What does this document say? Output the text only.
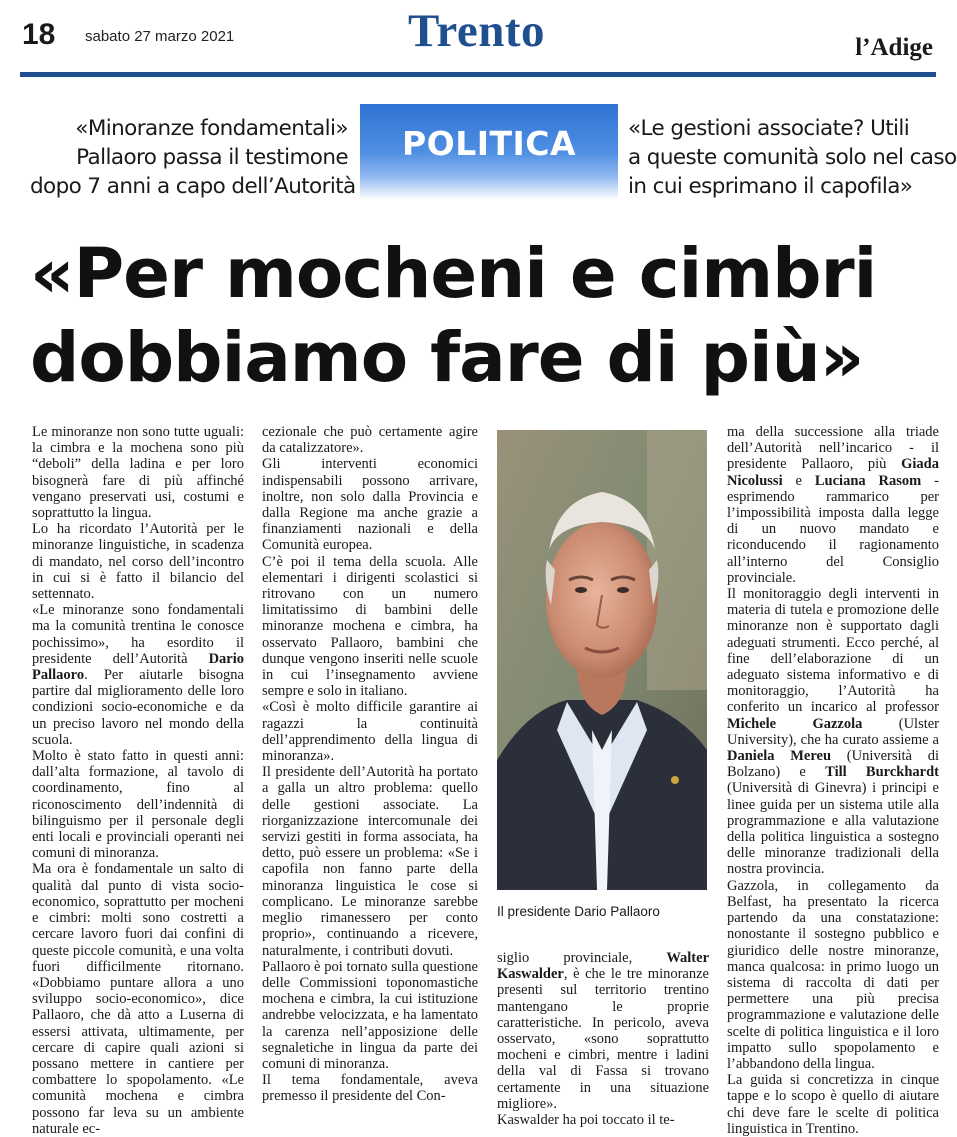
18 sabato 27 marzo 2021	Trento	l’Adige
«Minoranze fondamentali»
Pallaoro passa il testimone
dopo 7 anni a capo dell’Autorità
POLITICA	«Le gestioni associate? Utili
a queste comunità solo nel caso
in cui esprimano il capofila»
«Per mocheni e cimbri
dobbiamo fare di più»

Le minoranze non sono tutte uguali: la cimbra e la mochena sono più “deboli” della ladina e per loro bisognerà fare di più affinché vengano preservati usi, costumi e soprattutto la lingua.

Lo ha ricordato l’Autorità per le minoranze linguistiche, in scadenza di mandato, nel corso dell’incontro in cui si è fatto il bilancio del settennato.

«Le minoranze sono fondamentali ma la comunità trentina le conosce pochissimo», ha esordito il presidente dell’Autorità Dario Pallaoro. Per aiutarle bisogna partire dal miglioramento delle loro condizioni socio-economiche e da un preciso lavoro nel mondo della scuola.

Molto è stato fatto in questi anni: dall’alta formazione, al tavolo di coordinamento, fino al riconoscimento dell’indennità di bilinguismo per il personale degli enti locali e provinciali operanti nei comuni di minoranza.

Ma ora è fondamentale un salto di qualità dal punto di vista socio-economico, soprattutto per mocheni e cimbri: molti sono costretti a cercare lavoro fuori dai confini di queste piccole comunità, e una volta fuori difficilmente ritornano. «Dobbiamo puntare allora a uno sviluppo socio-economico», dice Pallaoro, che dà atto a Luserna di essersi attivata, ultimamente, per cercare di capire quali azioni si possano mettere in cantiere per combattere lo spopolamento. «Le comunità mochena e cimbra possono far leva su un ambiente naturale ec-

cezionale che può certamente agire da catalizzatore».

Gli interventi economici indispensabili possono arrivare, inoltre, non solo dalla Provincia e dalla Regione ma anche grazie a finanziamenti nazionali e della Comunità europea.

C’è poi il tema della scuola. Alle elementari i dirigenti scolastici si ritrovano con un numero limitatissimo di bambini delle minoranze mochena e cimbra, ha osservato Pallaoro, bambini che dunque vengono inseriti nelle scuole in cui l’insegnamento avviene sempre e solo in italiano.

«Così è molto difficile garantire ai ragazzi la continuità dell’apprendimento della lingua di minoranza».

Il presidente dell’Autorità ha portato a galla un altro problema: quello delle gestioni associate. La riorganizzazione intercomunale dei servizi gestiti in forma associata, ha detto, può essere un problema: «Se i capofila non fanno parte della minoranza linguistica le cose si complicano. Le minoranze sarebbe meglio rimanessero per conto proprio», continuando a ricevere, naturalmente, i contributi dovuti.

Pallaoro è poi tornato sulla questione delle Commissioni toponomastiche mochena e cimbra, la cui istituzione andrebbe velocizzata, e ha lamentato la carenza nell’apposizione delle segnaletiche in lingua da parte dei comuni di minoranza.

Il tema fondamentale, aveva premesso il presidente del Con-

Il presidente Dario Pallaoro

siglio provinciale, Walter Kaswalder, è che le tre minoranze presenti sul territorio trentino mantengano le proprie caratteristiche. In pericolo, aveva osservato, «sono soprattutto mocheni e cimbri, mentre i ladini della val di Fassa si trovano certamente in una situazione migliore».

Kaswalder ha poi toccato il te-

ma della successione alla triade dell’Autorità nell’incarico - il presidente Pallaoro, più Giada Nicolussi e Luciana Rasom - esprimendo rammarico per l’impossibilità imposta dalla legge di un nuovo mandato e riconducendo il ragionamento all’interno del Consiglio provinciale.

Il monitoraggio degli interventi in materia di tutela e promozione delle minoranze non è supportato dagli adeguati strumenti. Ecco perché, al fine dell’elaborazione di un adeguato sistema informativo e di monitoraggio, l’Autorità ha conferito un incarico al professor Michele Gazzola	(Ulster University), che ha curato assieme a Daniela Mereu (Università di Bolzano) e Till Burckhardt (Università di Ginevra) i principi e linee guida per un sistema utile alla programmazione e alla valutazione della politica linguistica a sostegno delle minoranze tradizionali della nostra provincia.

Gazzola, in collegamento da Belfast, ha presentato la ricerca partendo da una constatazione: nonostante il sostegno pubblico e giuridico delle nostre minoranze, manca qualcosa: in primo luogo un sistema di raccolta di dati per permettere una più precisa programmazione e valutazione delle scelte di politica linguistica e il loro impatto sullo spopolamento e l’abbandono della lingua.

La guida si concretizza in cinque tappe e lo scopo è quello di aiutare chi deve fare le scelte di politica linguistica in Trentino.
